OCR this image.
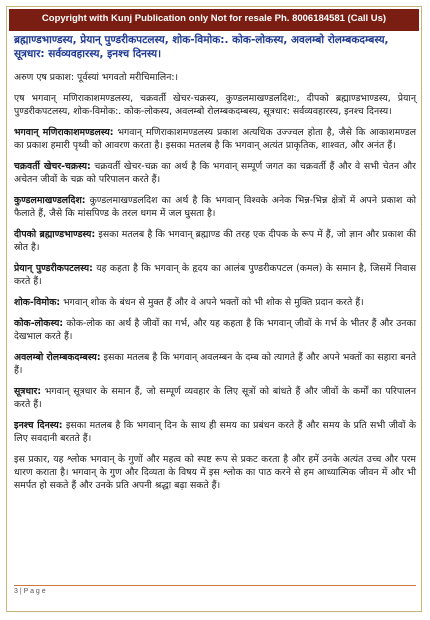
Copyright with Kunj Publication only Not for resale Ph. 8006184581 (Call Us)
ब्रह्माण्डभाण्डस्य, प्रेयान् पुण्डरीकपटलस्य, शोक-विमोक:. कोक-लोकस्य, अवलम्बो रोलम्बकदम्बस्य, सूत्रधार: सर्वव्यवहारस्य, इनश्च दिनस्य।

अरुण एष प्रकाश: पूर्वस्यां भगवतो मरीचिमालिन:।

एष भगवान् मणिराकाशमण्डलस्य, चक्रवर्ती खेचर-चक्रस्य, कुण्डलमाखण्डलदिश:, दीपको ब्रह्माण्डभाण्डस्य, प्रेयान् पुण्डरीकपटलस्य, शोक-विमोक:. कोक-लोकस्य, अवलम्बो रोलम्बकदम्बस्य, सूत्रधार: सर्वव्यवहारस्य, इनश्च दिनस्य।

भगवान् मणिराकाशमण्डलस्य: भगवान् मणिराकाशमण्डलस्य प्रकाश अत्यधिक उज्ज्वल होता है, जैसे कि आकाशमण्डल का प्रकाश हमारी पृथ्वी को आवरण करता है। इसका मतलब है कि भगवान् अत्यंत प्राकृतिक, शाश्वत, और अनंत हैं।

चक्रवर्ती खेचर-चक्रस्य: चक्रवर्ती खेचर-चक्र का अर्थ है कि भगवान् सम्पूर्ण जगत का चक्रवर्ती हैं और वे सभी चेतन और अचेतन जीवों के चक्र को परिपालन करते हैं।

कुण्डलमाखण्डलदिश: कुण्डलमाखण्डलदिश का अर्थ है कि भगवान् विश्वके अनेक भिन्न-भिन्न क्षेत्रों में अपने प्रकाश को फैलाते हैं, जैसे कि मांसपिण्ड के तरल धगम में जल घुसता है।

दीपको ब्रह्माण्डभाण्डस्य: इसका मतलब है कि भगवान् ब्रह्माण्ड की तरह एक दीपक के रूप में हैं, जो ज्ञान और प्रकाश की स्रोत है।

प्रेयान् पुण्डरीकपटलस्य: यह कहता है कि भगवान् के हृदय का आलंब पुण्डरीकपटल (कमल) के समान है, जिसमें निवास करते हैं।

शोक-विमोक: भगवान् शोक के बंधन से मुक्त हैं और वे अपने भक्तों को भी शोक से मुक्ति प्रदान करते हैं।

कोक-लोकस्य: कोक-लोक का अर्थ है जीवों का गर्भ, और यह कहता है कि भगवान् जीवों के गर्भ के भीतर हैं और उनका देखभाल करते हैं।

अवलम्बो रोलम्बकदम्बस्य: इसका मतलब है कि भगवान् अवलम्बन के दम्ब को त्यागते हैं और अपने भक्तों का सहारा बनते हैं।

सूत्रधार: भगवान् सूत्रधार के समान हैं, जो सम्पूर्ण व्यवहार के लिए सूत्रों को बांधते हैं और जीवों के कर्मों का परिपालन करते हैं।

इनश्च दिनस्य: इसका मतलब है कि भगवान् दिन के साथ ही समय का प्रबंधन करते हैं और समय के प्रति सभी जीवों के लिए सवदानी बरतते हैं।

इस प्रकार, यह श्लोक भगवान् के गुणों और महत्व को स्पष्ट रूप से प्रकट करता है और हमें उनके अत्यंत उच्च और परम धारण कराता है। भगवान् के गुण और दिव्यता के विषय में इस श्लोक का पाठ करने से हम आध्यात्मिक जीवन में और भी समर्पत हो सकते हैं और उनके प्रति अपनी श्रद्धा बढ़ा सकते हैं।

3 | P a g e
